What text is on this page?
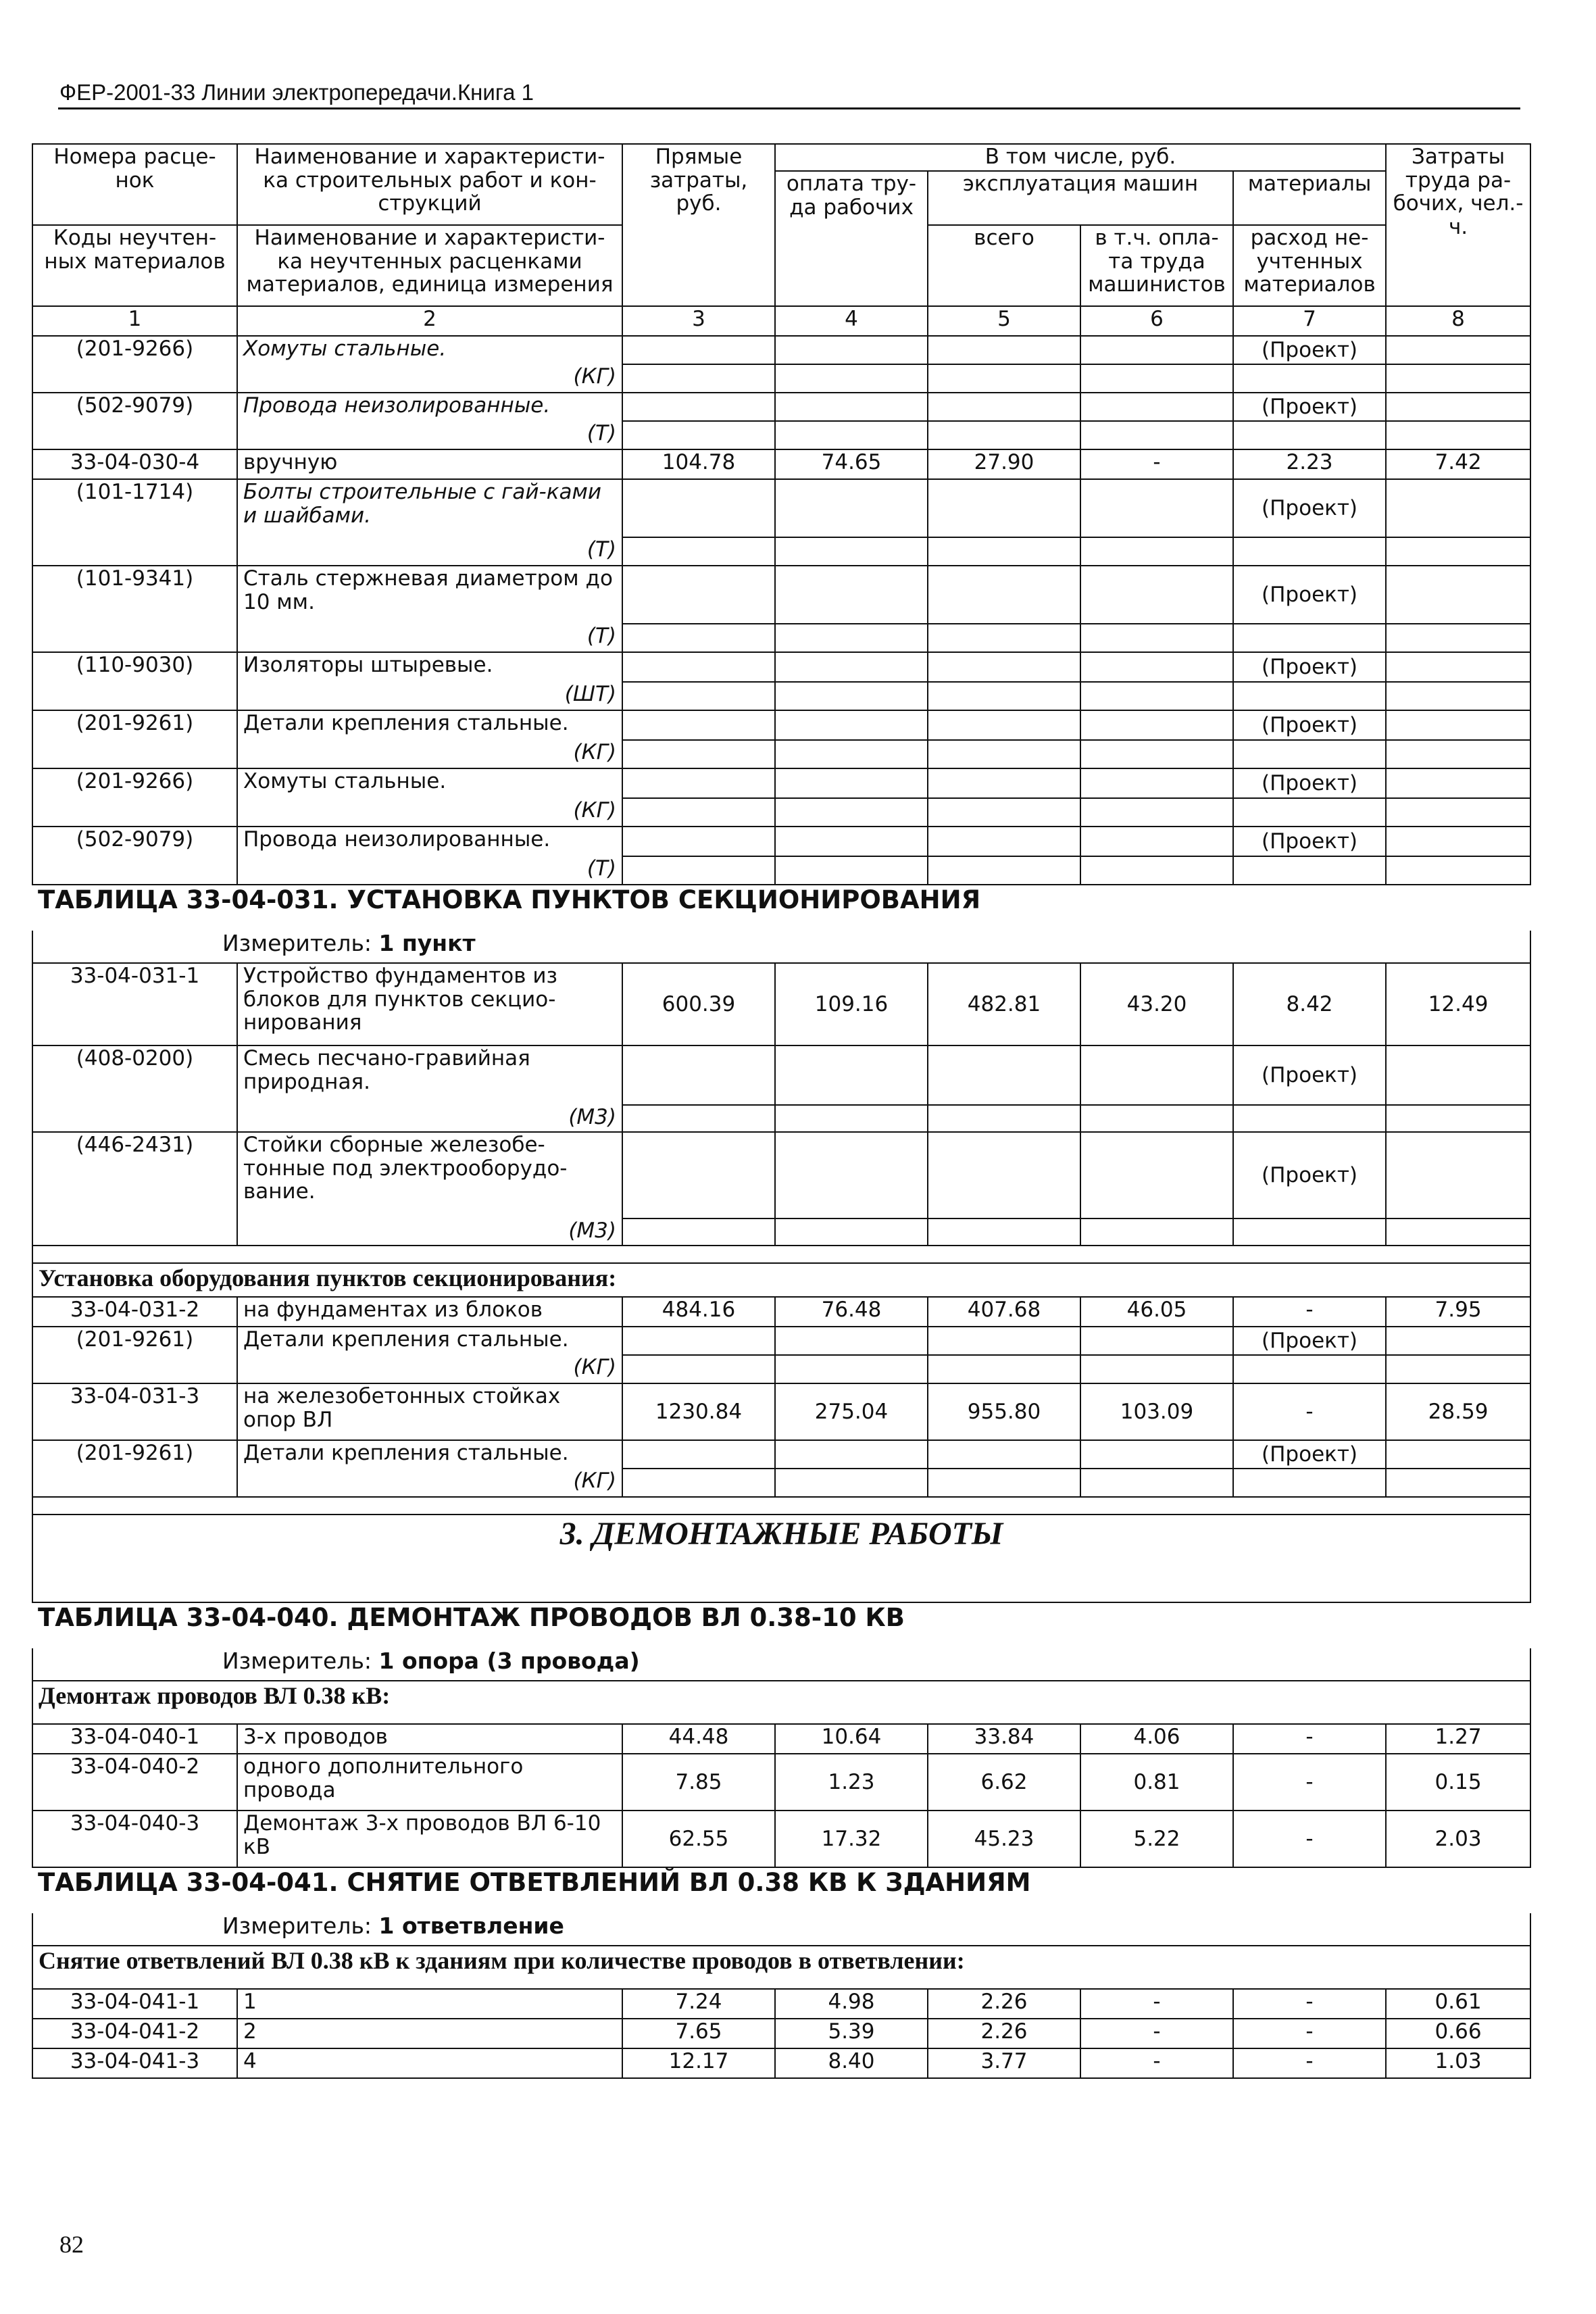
ФЕР-2001-33 Линии электропередачи.Книга 1
Номера расце-нок	Наименование и характеристи-ка строительных работ и кон-струкций	Прямые затраты, руб.	В том числе, руб.				Затраты труда ра-бочих, чел.-ч.
			оплата тру-да рабочих	эксплуатация машин		материалы	

Коды неучтен-ных материалов	Наименование и характеристи-ка неучтенных расценками материалов, единица измерения			всего	в т.ч. опла-та труда машинистов	расход не-учтенных материалов	

1	2	3	4	5	6	7	8
(201-9266)	Хомуты стальные.					(Проект)	
	(КГ)						
(502-9079)	Провода неизолированные.					(Проект)	
	(Т)						
33-04-030-4	вручную	104.78	74.65	27.90	-	2.23	7.42
(101-1714)	Болты строительные с гай-ками и шайбами.					(Проект)	
	(Т)						
(101-9341)	Сталь стержневая диаметром до 10 мм.					(Проект)	
	(Т)						
(110-9030)	Изоляторы штыревые.					(Проект)	
	(ШТ)						
(201-9261)	Детали крепления стальные.					(Проект)	
	(КГ)						
(201-9266)	Хомуты стальные.					(Проект)	
	(КГ)						
(502-9079)	Провода неизолированные.					(Проект)	
	(Т)						
ТАБЛИЦА 33-04-031. УСТАНОВКА ПУНКТОВ СЕКЦИОНИРОВАНИЯ							
Измеритель: 1 пункт							
33-04-031-1	Устройство фундаментов из блоков для пунктов секцио-нирования	600.39	109.16	482.81	43.20	8.42	12.49
(408-0200)	Смесь песчано-гравийная природная.					(Проект)	
	(М3)						
(446-2431)	Стойки сборные железобе-тонные под электрооборудо-вание.					(Проект)	
	(М3)						

Установка оборудования пунктов секционирования:							
33-04-031-2	на фундаментах из блоков	484.16	76.48	407.68	46.05	-	7.95
(201-9261)	Детали крепления стальные.					(Проект)	
	(КГ)						
33-04-031-3	на железобетонных стойках опор ВЛ	1230.84	275.04	955.80	103.09	-	28.59
(201-9261)	Детали крепления стальные.					(Проект)	
	(КГ)						

3. ДЕМОНТАЖНЫЕ РАБОТЫ							
ТАБЛИЦА 33-04-040. ДЕМОНТАЖ ПРОВОДОВ ВЛ 0.38-10 КВ							
Измеритель: 1 опора (3 провода)							
Демонтаж проводов ВЛ 0.38 кВ:							
33-04-040-1	3-х проводов	44.48	10.64	33.84	4.06	-	1.27
33-04-040-2	одного дополнительного провода	7.85	1.23	6.62	0.81	-	0.15
33-04-040-3	Демонтаж 3-х проводов ВЛ 6-10 кВ	62.55	17.32	45.23	5.22	-	2.03
ТАБЛИЦА 33-04-041. СНЯТИЕ ОТВЕТВЛЕНИЙ ВЛ 0.38 КВ К ЗДАНИЯМ							
Измеритель: 1 ответвление							
Снятие ответвлений ВЛ 0.38 кВ к зданиям при количестве проводов в ответвлении:							
33-04-041-1	1	7.24	4.98	2.26	-	-	0.61
33-04-041-2	2	7.65	5.39	2.26	-	-	0.66
33-04-041-3	4	12.17	8.40	3.77	-	-	1.03
82
